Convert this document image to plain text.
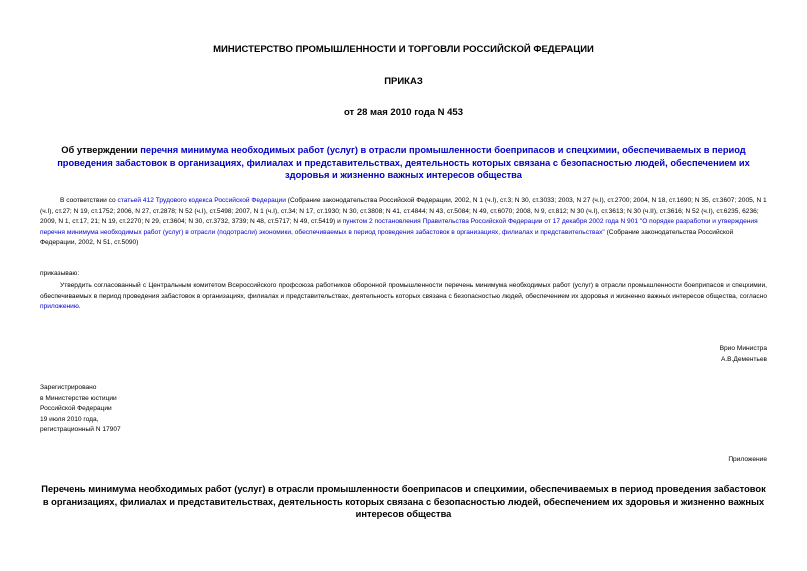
МИНИСТЕРСТВО ПРОМЫШЛЕННОСТИ И ТОРГОВЛИ РОССИЙСКОЙ ФЕДЕРАЦИИ
ПРИКАЗ
от 28 мая 2010 года N 453
Об утверждении перечня минимума необходимых работ (услуг) в отрасли промышленности боеприпасов и спецхимии, обеспечиваемых в период проведения забастовок в организациях, филиалах и представительствах, деятельность которых связана с безопасностью людей, обеспечением их здоровья и жизненно важных интересов общества
В соответствии со статьей 412 Трудового кодекса Российской Федерации (Собрание законодательства Российской Федерации, 2002, N 1 (ч.I), ст.3; N 30, ст.3033; 2003, N 27 (ч.I), ст.2700; 2004, N 18, ст.1690; N 35, ст.3607; 2005, N 1 (ч.I), ст.27; N 19, ст.1752; 2006, N 27, ст.2878; N 52 (ч.I), ст.5498; 2007, N 1 (ч.I), ст.34; N 17, ст.1930; N 30, ст.3808; N 41, ст.4844; N 43, ст.5084; N 49, ст.6070; 2008, N 9, ст.812; N 30 (ч.I), ст.3613; N 30 (ч.II), ст.3616; N 52 (ч.I), ст.6235, 6236; 2009, N 1, ст.17, 21; N 19, ст.2270; N 29, ст.3604; N 30, ст.3732, 3739; N 48, ст.5717; N 49, ст.5419) и пунктом 2 постановления Правительства Российской Федерации от 17 декабря 2002 года N 901 "О порядке разработки и утверждения перечня минимума необходимых работ (услуг) в отрасли (подотрасли) экономики, обеспечиваемых в период проведения забастовок в организациях, филиалах и представительствах" (Собрание законодательства Российской Федерации, 2002, N 51, ст.5090)
приказываю:
Утвердить согласованный с Центральным комитетом Всероссийского профсоюза работников оборонной промышленности перечень минимума необходимых работ (услуг) в отрасли промышленности боеприпасов и спецхимии, обеспечиваемых в период проведения забастовок в организациях, филиалах и представительствах, деятельность которых связана с безопасностью людей, обеспечением их здоровья и жизненно важных интересов общества, согласно приложению.
Врио Министра
А.В.Дементьев
Зарегистрировано
в Министерстве юстиции
Российской Федерации
19 июля 2010 года,
регистрационный N 17907
Приложение
Перечень минимума необходимых работ (услуг) в отрасли промышленности боеприпасов и спецхимии, обеспечиваемых в период проведения забастовок в организациях, филиалах и представительствах, деятельность которых связана с безопасностью людей, обеспечением их здоровья и жизненно важных интересов общества
